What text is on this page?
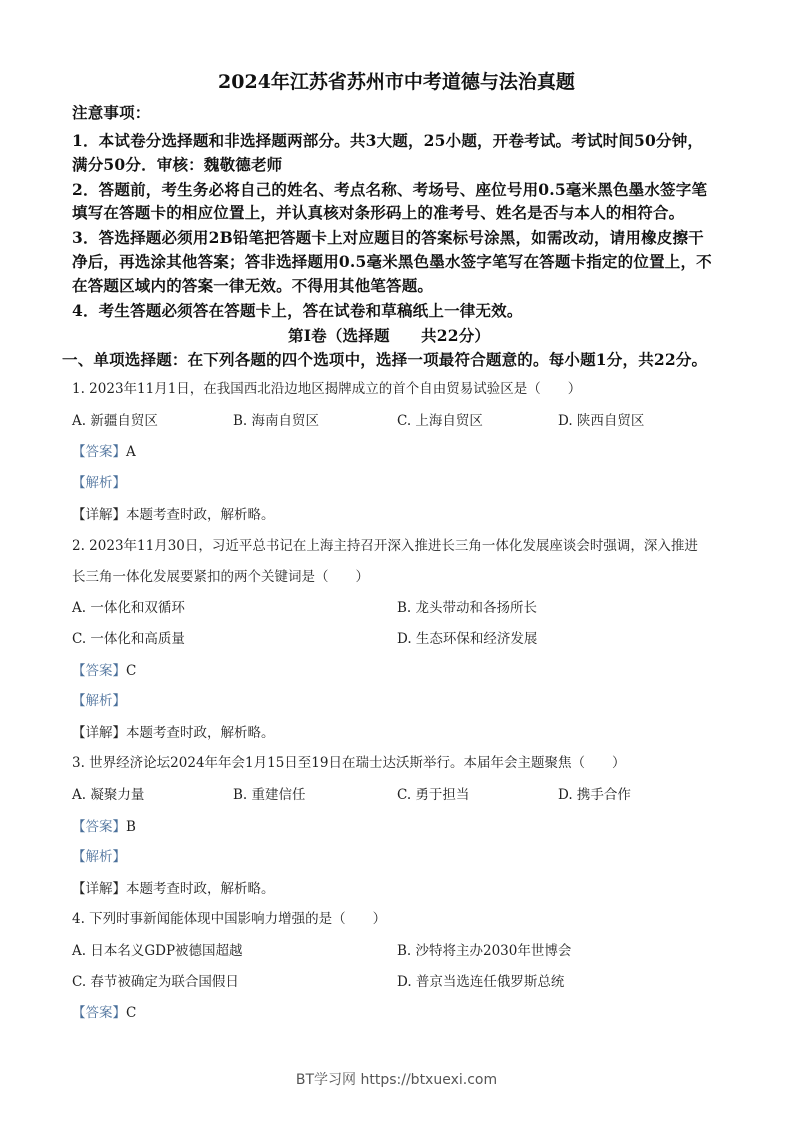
2024年江苏省苏州市中考道德与法治真题
注意事项：
1．本试卷分选择题和非选择题两部分。共3大题，25小题，开卷考试。考试时间50分钟，
满分50分．审核：魏敬德老师
2．答题前，考生务必将自己的姓名、考点名称、考场号、座位号用0.5毫米黑色墨水签字笔
填写在答题卡的相应位置上，并认真核对条形码上的准考号、姓名是否与本人的相符合。
3．答选择题必须用2B铅笔把答题卡上对应题目的答案标号涂黑，如需改动，请用橡皮擦干
净后，再选涂其他答案；答非选择题用0.5毫米黑色墨水签字笔写在答题卡指定的位置上，不
在答题区域内的答案一律无效。不得用其他笔答题。
4．考生答题必须答在答题卡上，答在试卷和草稿纸上一律无效。
第I卷（选择题　　共22分）
一、单项选择题：在下列各题的四个选项中，选择一项最符合题意的。每小题1分，共22分。
1. 2023年11月1日，在我国西北沿边地区揭牌成立的首个自由贸易试验区是（　　）
A. 新疆自贸区	B. 海南自贸区	C. 上海自贸区	D. 陕西自贸区
【答案】A
【解析】
【详解】本题考查时政，解析略。
2. 2023年11月30日，习近平总书记在上海主持召开深入推进长三角一体化发展座谈会时强调，深入推进
长三角一体化发展要紧扣的两个关键词是（　　）
A. 一体化和双循环	B. 龙头带动和各扬所长
C. 一体化和高质量	D. 生态环保和经济发展
【答案】C
【解析】
【详解】本题考查时政，解析略。
3. 世界经济论坛2024年年会1月15日至19日在瑞士达沃斯举行。本届年会主题聚焦（　　）
A. 凝聚力量	B. 重建信任	C. 勇于担当	D. 携手合作
【答案】B
【解析】
【详解】本题考查时政，解析略。
4. 下列时事新闻能体现中国影响力增强的是（　　）
A. 日本名义GDP被德国超越	B. 沙特将主办2030年世博会
C. 春节被确定为联合国假日	D. 普京当选连任俄罗斯总统
【答案】C
BT学习网 https://btxuexi.com
